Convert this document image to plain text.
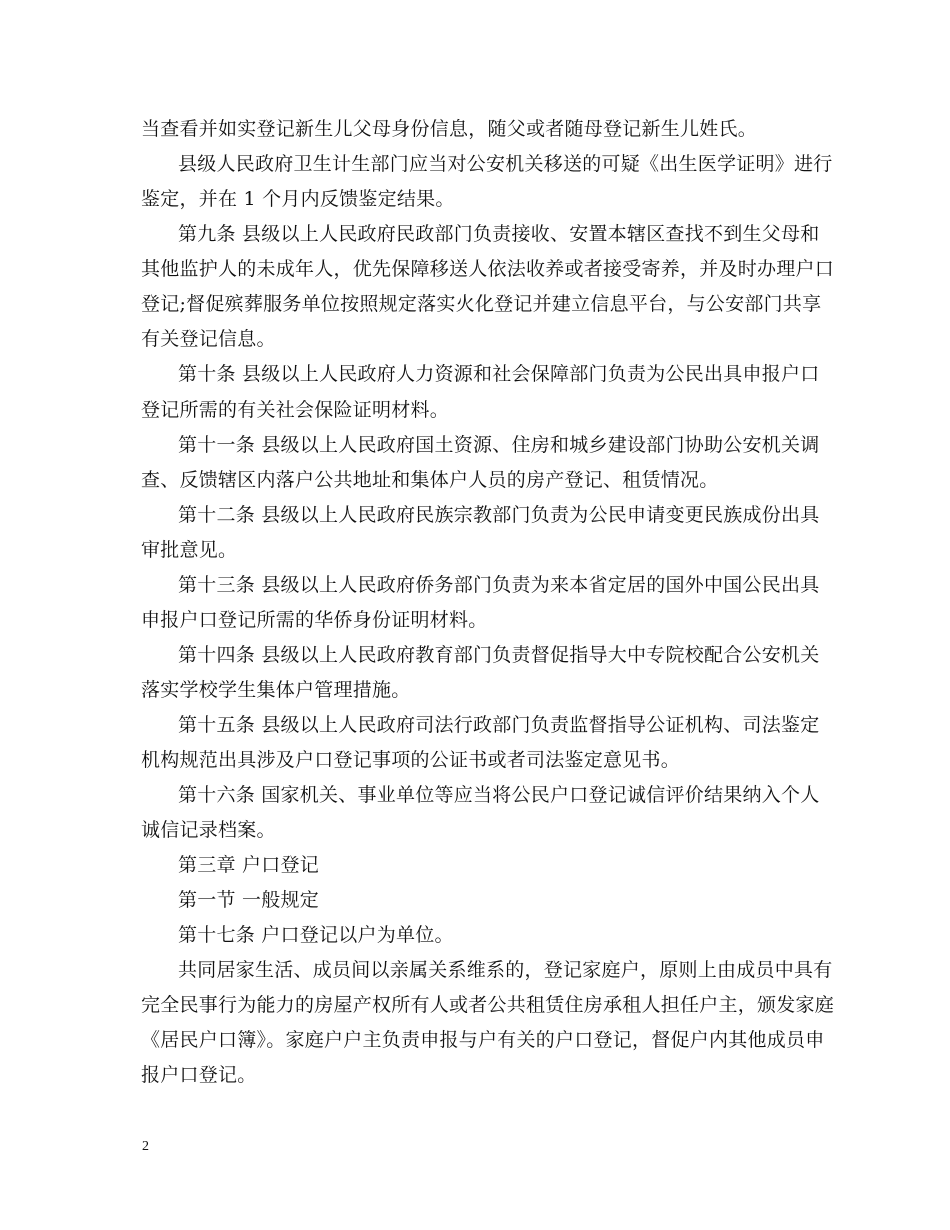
当查看并如实登记新生儿父母身份信息，随父或者随母登记新生儿姓氏。
县级人民政府卫生计生部门应当对公安机关移送的可疑《出生医学证明》进行
鉴定，并在 1 个月内反馈鉴定结果。
第九条 县级以上人民政府民政部门负责接收、安置本辖区查找不到生父母和
其他监护人的未成年人，优先保障移送人依法收养或者接受寄养，并及时办理户口
登记;督促殡葬服务单位按照规定落实火化登记并建立信息平台，与公安部门共享
有关登记信息。
第十条 县级以上人民政府人力资源和社会保障部门负责为公民出具申报户口
登记所需的有关社会保险证明材料。
第十一条 县级以上人民政府国土资源、住房和城乡建设部门协助公安机关调
查、反馈辖区内落户公共地址和集体户人员的房产登记、租赁情况。
第十二条 县级以上人民政府民族宗教部门负责为公民申请变更民族成份出具
审批意见。
第十三条 县级以上人民政府侨务部门负责为来本省定居的国外中国公民出具
申报户口登记所需的华侨身份证明材料。
第十四条 县级以上人民政府教育部门负责督促指导大中专院校配合公安机关
落实学校学生集体户管理措施。
第十五条 县级以上人民政府司法行政部门负责监督指导公证机构、司法鉴定
机构规范出具涉及户口登记事项的公证书或者司法鉴定意见书。
第十六条 国家机关、事业单位等应当将公民户口登记诚信评价结果纳入个人
诚信记录档案。
第三章 户口登记
第一节 一般规定
第十七条 户口登记以户为单位。
共同居家生活、成员间以亲属关系维系的，登记家庭户，原则上由成员中具有
完全民事行为能力的房屋产权所有人或者公共租赁住房承租人担任户主，颁发家庭
《居民户口簿》。家庭户户主负责申报与户有关的户口登记，督促户内其他成员申
报户口登记。
2
